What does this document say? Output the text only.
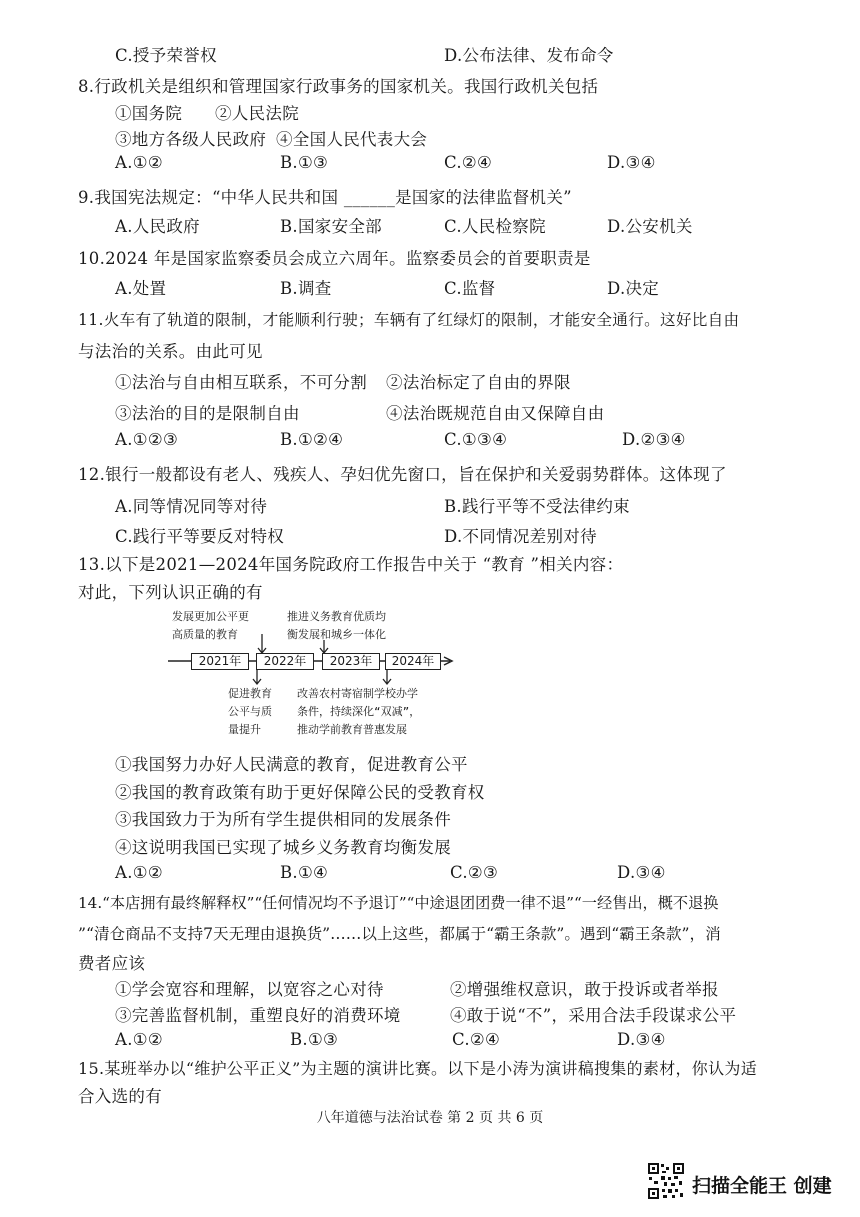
C.授予荣誉权	D.公布法律、发布命令
8.行政机关是组织和管理国家行政事务的国家机关。我国行政机关包括
①国务院 ②人民法院
③地方各级人民政府 ④全国人民代表大会
A.①②	B.①③	C.②④	D.③④
9.我国宪法规定：“中华人民共和国 ______是国家的法律监督机关”
A.人民政府	B.国家安全部	C.人民检察院	D.公安机关
10.2024 年是国家监察委员会成立六周年。监察委员会的首要职责是
A.处置	B.调查	C.监督	D.决定
11.火车有了轨道的限制，才能顺利行驶；车辆有了红绿灯的限制，才能安全通行。这好比自由
与法治的关系。由此可见
①法治与自由相互联系，不可分割 ②法治标定了自由的界限
③法治的目的是限制自由	④法治既规范自由又保障自由
A.①②③	B.①②④	C.①③④	D.②③④
12.银行一般都设有老人、残疾人、孕妇优先窗口，旨在保护和关爱弱势群体。这体现了
A.同等情况同等对待	B.践行平等不受法律约束
C.践行平等要反对特权	D.不同情况差别对待
13.以下是2021—2024年国务院政府工作报告中关于 “教育 ”相关内容：
对此，下列认识正确的有
发展更加公平更
高质量的教育
推进义务教育优质均
衡发展和城乡一体化
2021年	2022年	2023年	2024年
促进教育
公平与质
量提升
改善农村寄宿制学校办学
条件，持续深化“双减”，
推动学前教育普惠发展
①我国努力办好人民满意的教育，促进教育公平
②我国的教育政策有助于更好保障公民的受教育权
③我国致力于为所有学生提供相同的发展条件
④这说明我国已实现了城乡义务教育均衡发展
A.①②	B.①④	C.②③	D.③④
14.“本店拥有最终解释权”“任何情况均不予退订”“中途退团团费一律不退”“一经售出，概不退换
”“清仓商品不支持7天无理由退换货”……以上这些，都属于“霸王条款”。遇到“霸王条款”，消
费者应该
①学会宽容和理解，以宽容之心对待	②增强维权意识，敢于投诉或者举报
③完善监督机制，重塑良好的消费环境	④敢于说“不”，采用合法手段谋求公平
A.①②	B.①③	C.②④	D.③④
15.某班举办以“维护公平正义”为主题的演讲比赛。以下是小涛为演讲稿搜集的素材，你认为适
合入选的有
八年道德与法治试卷 第 2 页 共 6 页
扫描全能王 创建
